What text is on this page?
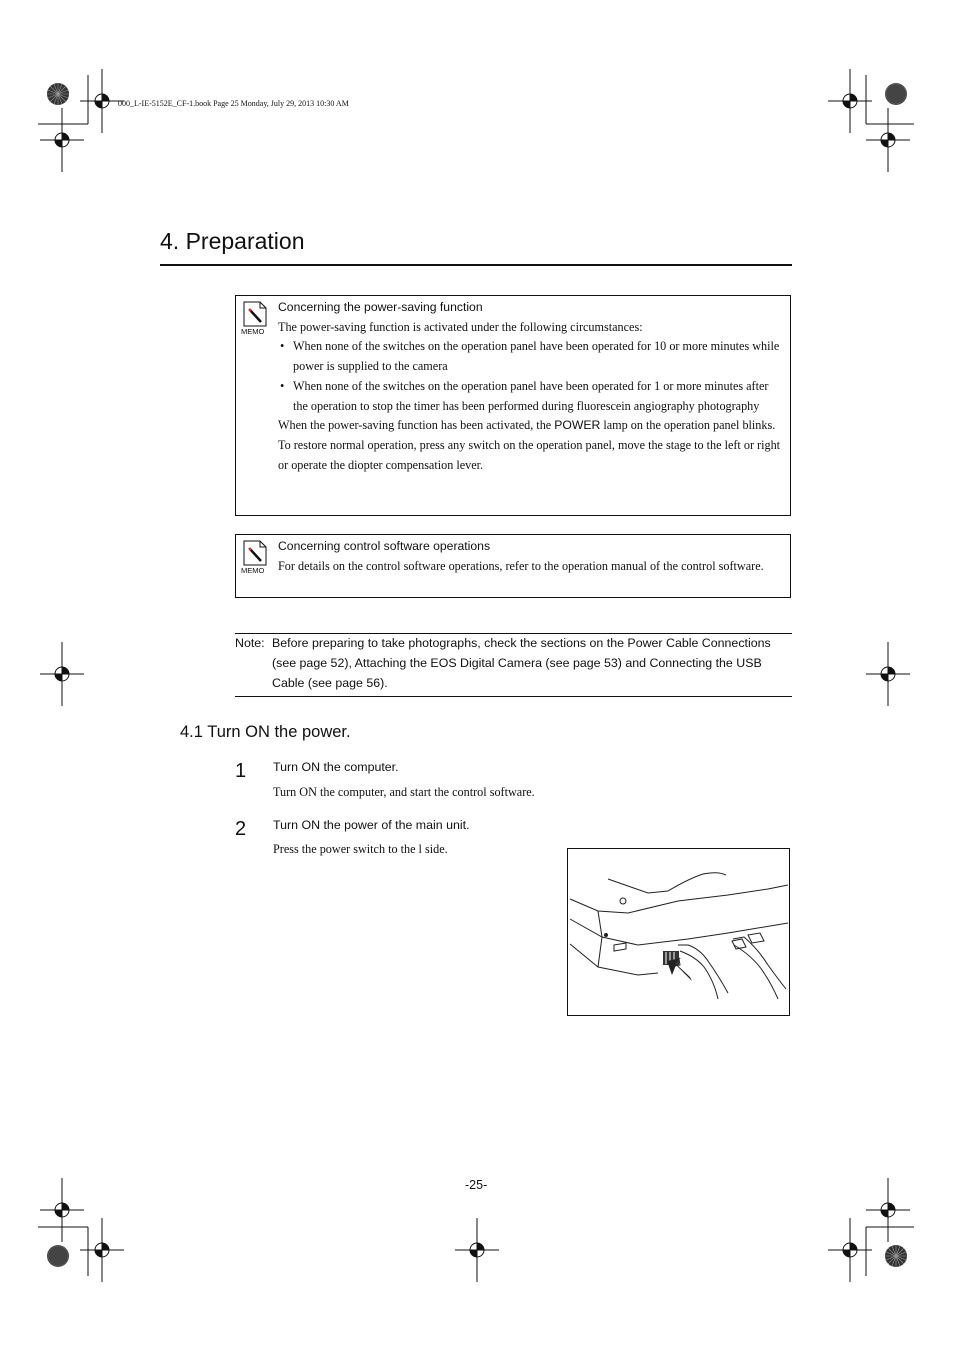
000_L-IE-5152E_CF-1.book Page 25 Monday, July 29, 2013 10:30 AM
4. Preparation
MEMO
Concerning the power-saving function
The power-saving function is activated under the following circumstances:
• When none of the switches on the operation panel have been operated for 10 or more minutes while power is supplied to the camera
• When none of the switches on the operation panel have been operated for 1 or more minutes after the operation to stop the timer has been performed during fluorescein angiography photography
When the power-saving function has been activated, the POWER lamp on the operation panel blinks.
To restore normal operation, press any switch on the operation panel, move the stage to the left or right or operate the diopter compensation lever.
MEMO
Concerning control software operations
For details on the control software operations, refer to the operation manual of the control software.
Note: Before preparing to take photographs, check the sections on the Power Cable Connections (see page 52), Attaching the EOS Digital Camera (see page 53) and Connecting the USB Cable (see page 56).
4.1 Turn ON the power.
1 Turn ON the computer.
Turn ON the computer, and start the control software.
2 Turn ON the power of the main unit.
Press the power switch to the l side.
-25-
